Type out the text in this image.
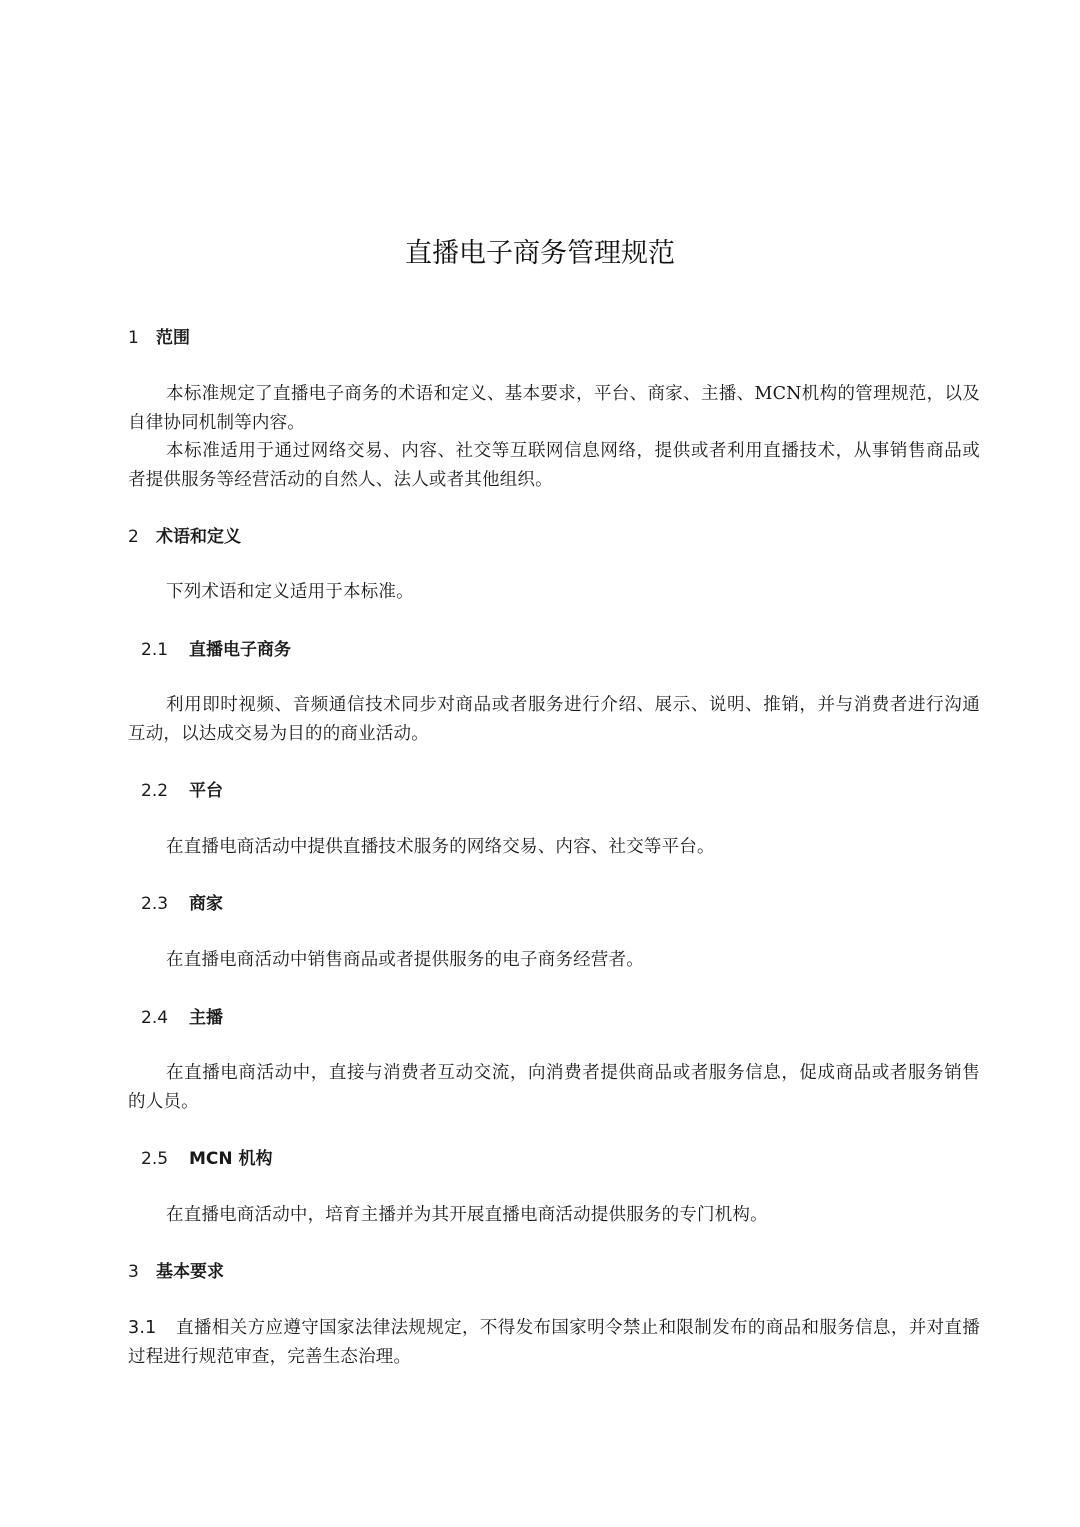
直播电子商务管理规范
1 范围

本标准规定了直播电子商务的术语和定义、基本要求，平台、商家、主播、MCN机构的管理规范，以及自律协同机制等内容。

本标准适用于通过网络交易、内容、社交等互联网信息网络，提供或者利用直播技术，从事销售商品或者提供服务等经营活动的自然人、法人或者其他组织。

2 术语和定义

下列术语和定义适用于本标准。

2.1 直播电子商务

利用即时视频、音频通信技术同步对商品或者服务进行介绍、展示、说明、推销，并与消费者进行沟通互动，以达成交易为目的的商业活动。

2.2 平台

在直播电商活动中提供直播技术服务的网络交易、内容、社交等平台。

2.3 商家

在直播电商活动中销售商品或者提供服务的电子商务经营者。

2.4 主播

在直播电商活动中，直接与消费者互动交流，向消费者提供商品或者服务信息，促成商品或者服务销售的人员。

2.5 MCN 机构

在直播电商活动中，培育主播并为其开展直播电商活动提供服务的专门机构。

3 基本要求

3.1 直播相关方应遵守国家法律法规规定，不得发布国家明令禁止和限制发布的商品和服务信息，并对直播过程进行规范审查，完善生态治理。
